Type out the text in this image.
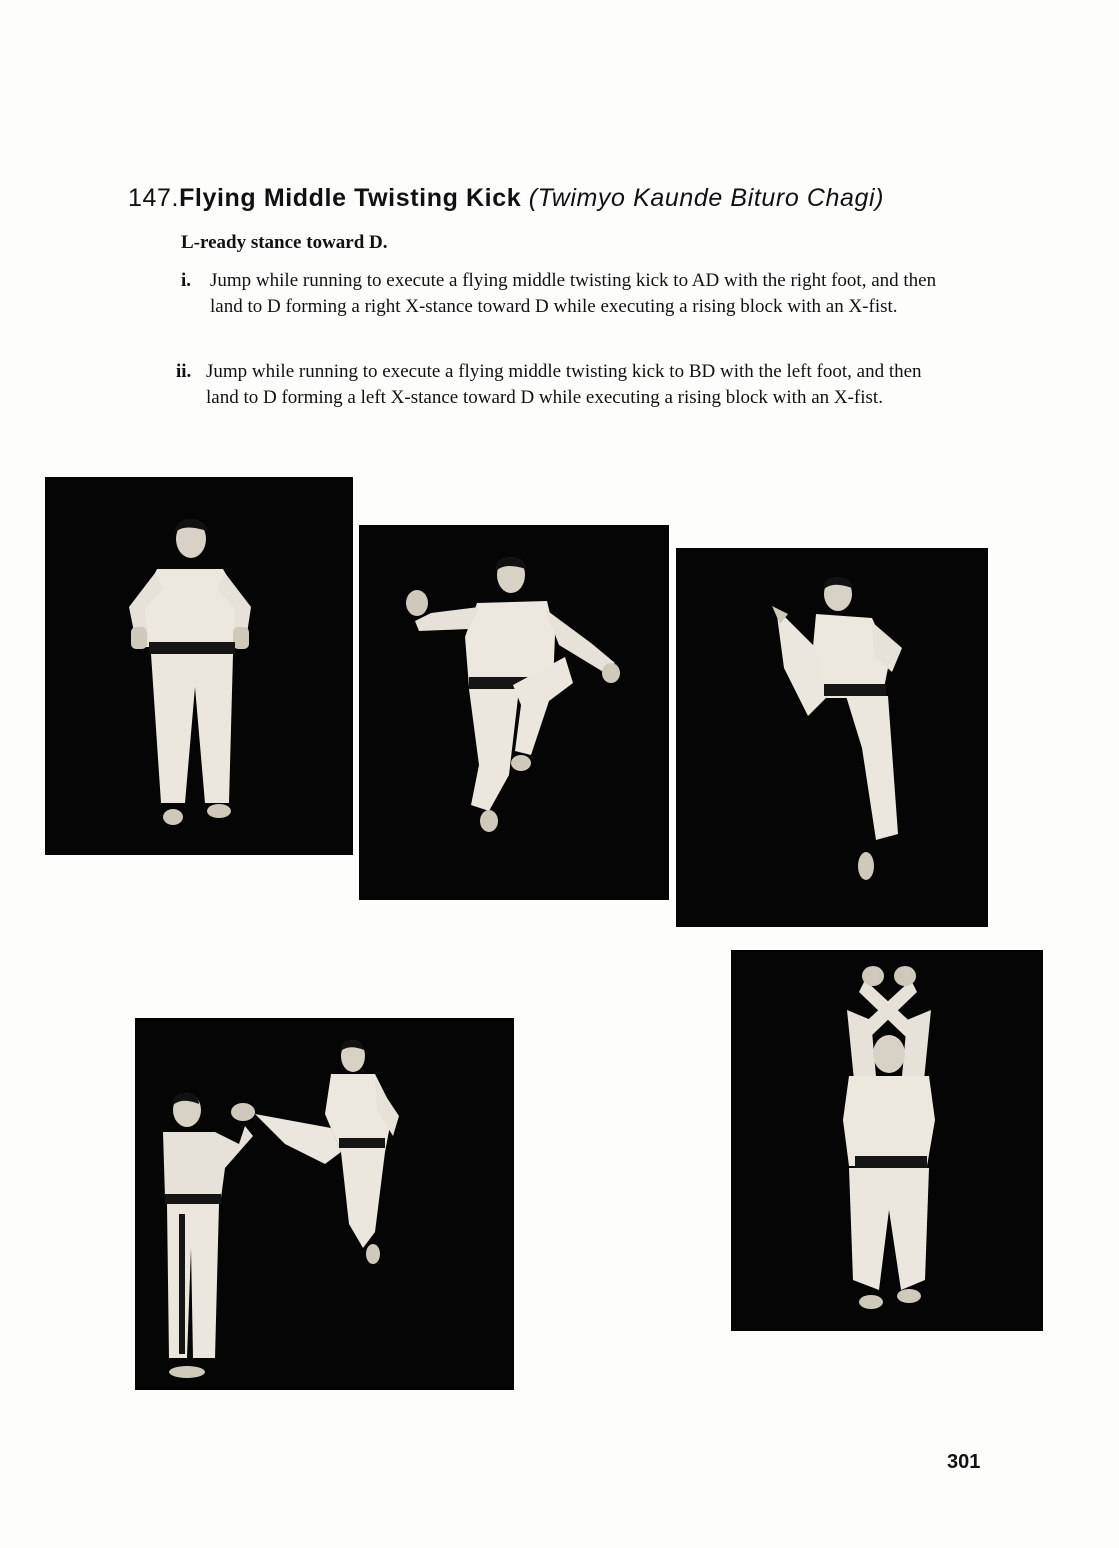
147.Flying Middle Twisting Kick (Twimyo Kaunde Bituro Chagi)
L-ready stance toward D.
i. Jump while running to execute a flying middle twisting kick to AD with the right foot, and then land to D forming a right X-stance toward D while executing a rising block with an X-fist.
ii. Jump while running to execute a flying middle twisting kick to BD with the left foot, and then land to D forming a left X-stance toward D while executing a rising block with an X-fist.
301
